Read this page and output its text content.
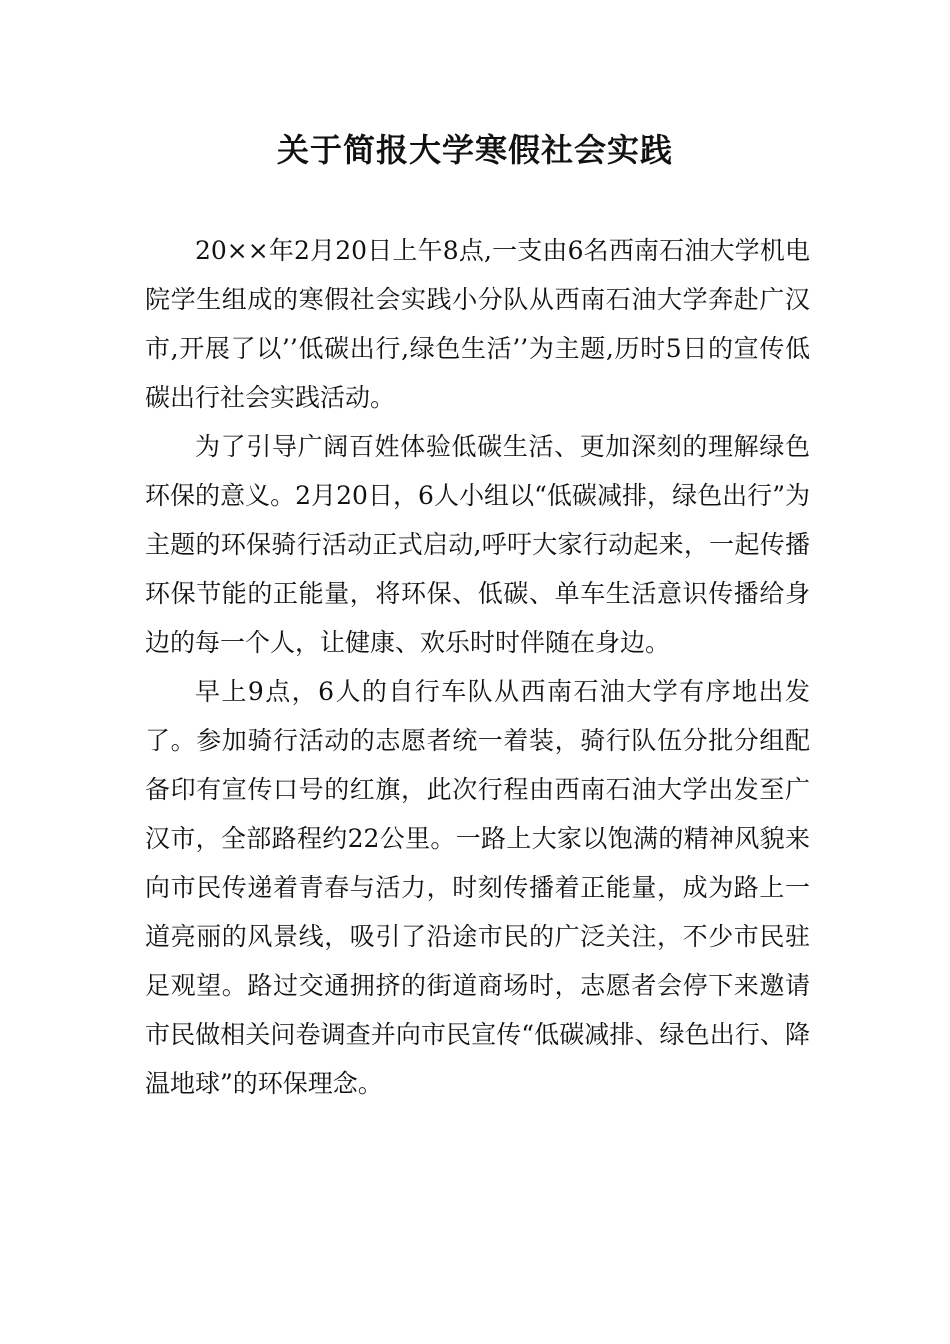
关于简报大学寒假社会实践

20××年2月20日上午8点,一支由6名西南石油大学机电院学生组成的寒假社会实践小分队从西南石油大学奔赴广汉市,开展了以’’低碳出行,绿色生活’’为主题,历时5日的宣传低碳出行社会实践活动。

为了引导广阔百姓体验低碳生活、更加深刻的理解绿色环保的意义。2月20日，6人小组以“低碳减排，绿色出行”为主题的环保骑行活动正式启动,呼吁大家行动起来，一起传播环保节能的正能量，将环保、低碳、单车生活意识传播给身边的每一个人，让健康、欢乐时时伴随在身边。

早上9点，6人的自行车队从西南石油大学有序地出发了。参加骑行活动的志愿者统一着装，骑行队伍分批分组配备印有宣传口号的红旗，此次行程由西南石油大学出发至广汉市，全部路程约22公里。一路上大家以饱满的精神风貌来向市民传递着青春与活力，时刻传播着正能量，成为路上一道亮丽的风景线，吸引了沿途市民的广泛关注，不少市民驻足观望。路过交通拥挤的街道商场时，志愿者会停下来邀请市民做相关问卷调查并向市民宣传“低碳减排、绿色出行、降温地球”的环保理念。
